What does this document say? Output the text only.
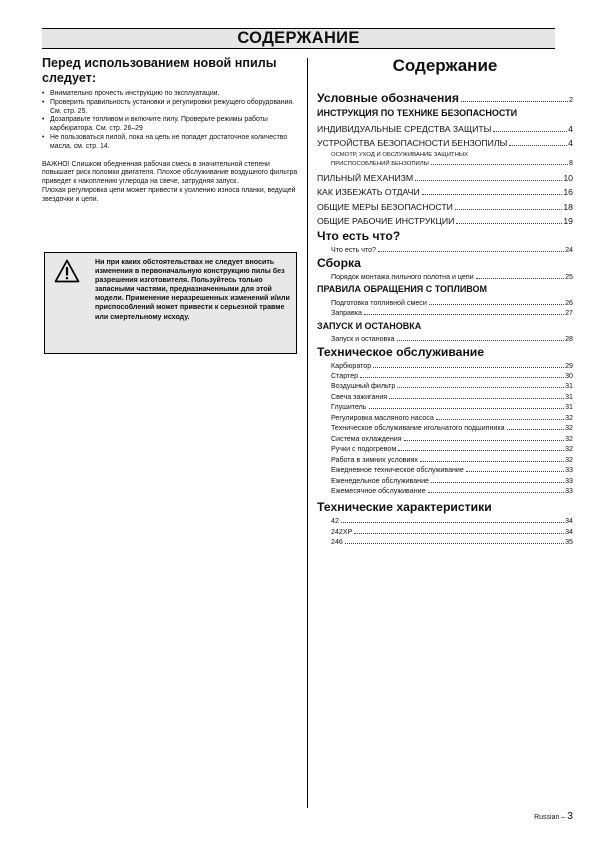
СОДЕРЖАНИЕ
Перед использованием новой нпилы
следует:
• Внимательно прочесть инструкцию по эксплуатации.
• Проверить правильность установки и регулировки режущего оборудования. См. стр. 25.
• Дозаправьте топливом и включите пилу. Проверьте режимы работы карбюратора. См. стр. 26–29
• Не пользоваться пилой, пока на цепь не попадет достаточное количество масла, см. стр. 14.

ВАЖНО! Слишком обедненная рабочая смесь в значительной степени повышает риск поломки двигателя. Плохое обслуживание воздушного фильтра приведет к накоплению углерода на свече, затрудняя запуск.

Плохая регулировка цепи может привести к усилению износа планки, ведущей звездочки и цепи.

Ни при каких обстоятельствах не следует вносить изменения в первоначальную конструкцию пилы без разрешения изготовителя. Пользуйтесь только запасными частями, предназначенными для этой модели. Применение неразрешенных изменений и/или приспособлений может привести к серьезной травме или смертельному исходу.
Содержание
Условные обозначения	2
ИНСТРУКЦИЯ ПО ТЕХНИКЕ БЕЗОПАСНОСТИ
ИНДИВИДУАЛЬНЫЕ СРЕДСТВА ЗАЩИТЫ	4
УСТРОЙСТВА БЕЗОПАСНОСТИ БЕНЗОПИЛЫ	4
ОСМОТР, УХОД И ОБСЛУЖИВАНИЕ ЗАЩИТНЫХ
ПРИСПОСОБЛЕНИЙ БЕНЗОПИЛЫ	8
ПИЛЬНЫЙ МЕХАНИЗМ	10
КАК ИЗБЕЖАТЬ ОТДАЧИ	16
ОБЩИЕ МЕРЫ БЕЗОПАСНОСТИ	18
ОБЩИЕ РАБОЧИЕ ИНСТРУКЦИИ	19
Что есть что?
Что есть что?	24
Сборка
Порядок монтажа пильного полотна и цепи	25
ПРАВИЛА ОБРАЩЕНИЯ С ТОПЛИВОМ
Подготовка топливной смеси	26
Заправка	27
ЗАПУСК И ОСТАНОВКА
Запуск и остановка	28
Техническое обслуживание
Карбюратор	29
Стартер	30
Воздушный фильтр	31
Свеча зажигания	31
Глушитель	31
Регулировка масляного насоса	32
Техническое обслуживание игольчатого подшипника	32
Система охлаждения	32
Ручки с подогревом	32
Работа в зимних условиях	32
Ежедневное техническое обслуживание	33
Еженедельное обслуживание	33
Ежемесячное обслуживание	33
Технические характеристики
42	34
242XP	34
246	35
Russian – 3
